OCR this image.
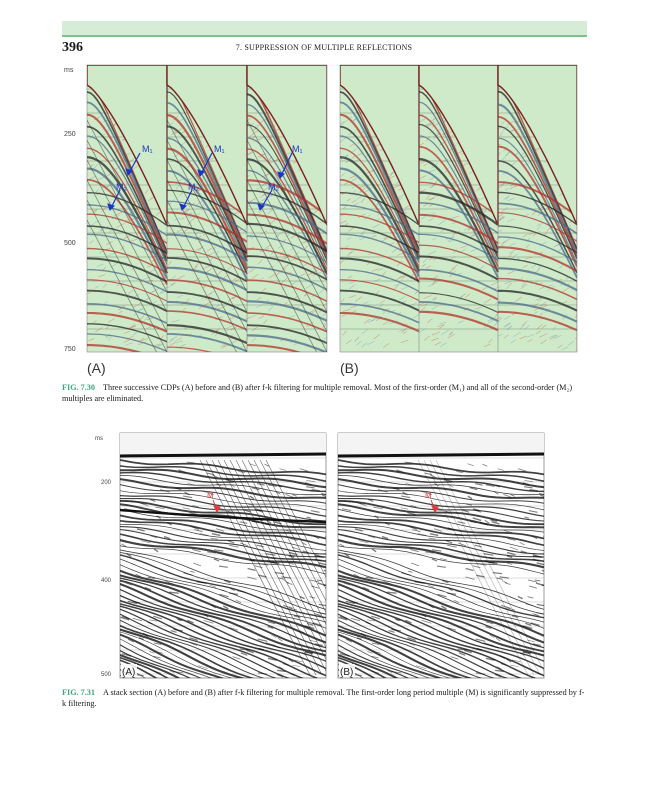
396	7. SUPPRESSION OF MULTIPLE REFLECTIONS
ms
250
500
750
M₁	M₁	M₁
M₂	M₂	M₂
(A)	(B)
FIG. 7.30 Three successive CDPs (A) before and (B) after f-k filtering for multiple removal. Most of the first-order (M₁) and all of the second-order (M₂) multiples are eliminated.
ms
200
400
500
M	M
(A)	(B)
FIG. 7.31 A stack section (A) before and (B) after f-k filtering for multiple removal. The first-order long period multiple (M) is significantly suppressed by f-k filtering.
